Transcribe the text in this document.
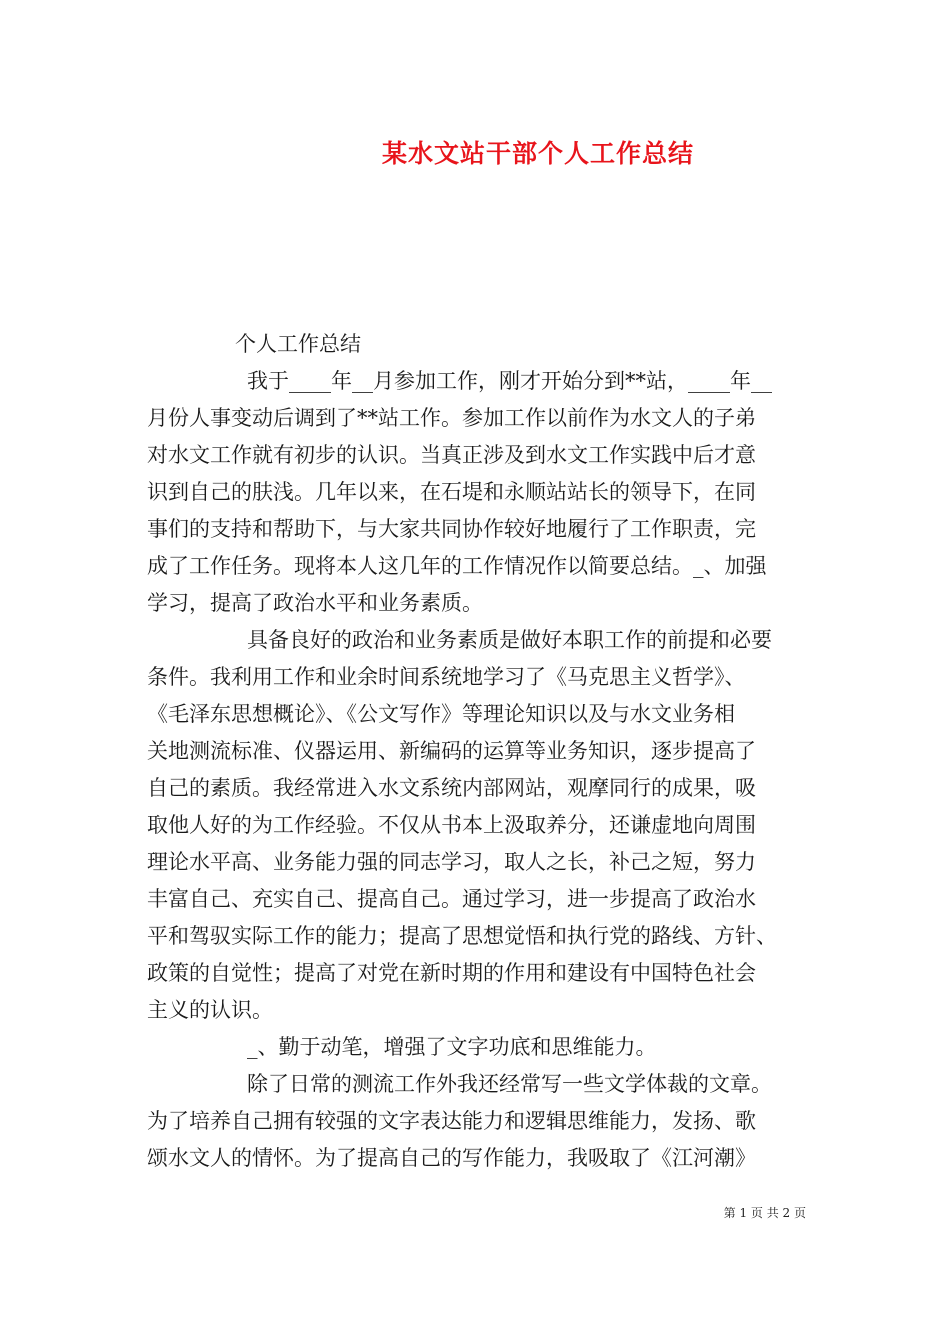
某水文站干部个人工作总结
个人工作总结
我于____年__月参加工作，刚才开始分到**站，____年__
月份人事变动后调到了**站工作。参加工作以前作为水文人的子弟
对水文工作就有初步的认识。当真正涉及到水文工作实践中后才意
识到自己的肤浅。几年以来，在石堤和永顺站站长的领导下，在同
事们的支持和帮助下，与大家共同协作较好地履行了工作职责，完
成了工作任务。现将本人这几年的工作情况作以简要总结。_、加强
学习，提高了政治水平和业务素质。
具备良好的政治和业务素质是做好本职工作的前提和必要
条件。我利用工作和业余时间系统地学习了《马克思主义哲学》、
《毛泽东思想概论》、《公文写作》等理论知识以及与水文业务相
关地测流标准、仪器运用、新编码的运算等业务知识，逐步提高了
自己的素质。我经常进入水文系统内部网站，观摩同行的成果，吸
取他人好的为工作经验。不仅从书本上汲取养分，还谦虚地向周围
理论水平高、业务能力强的同志学习，取人之长，补己之短，努力
丰富自己、充实自己、提高自己。通过学习，进一步提高了政治水
平和驾驭实际工作的能力；提高了思想觉悟和执行党的路线、方针、
政策的自觉性；提高了对党在新时期的作用和建设有中国特色社会
主义的认识。
_、勤于动笔，增强了文字功底和思维能力。
除了日常的测流工作外我还经常写一些文学体裁的文章。
为了培养自己拥有较强的文字表达能力和逻辑思维能力，发扬、歌
颂水文人的情怀。为了提高自己的写作能力，我吸取了《江河潮》
第 1 页 共 2 页
